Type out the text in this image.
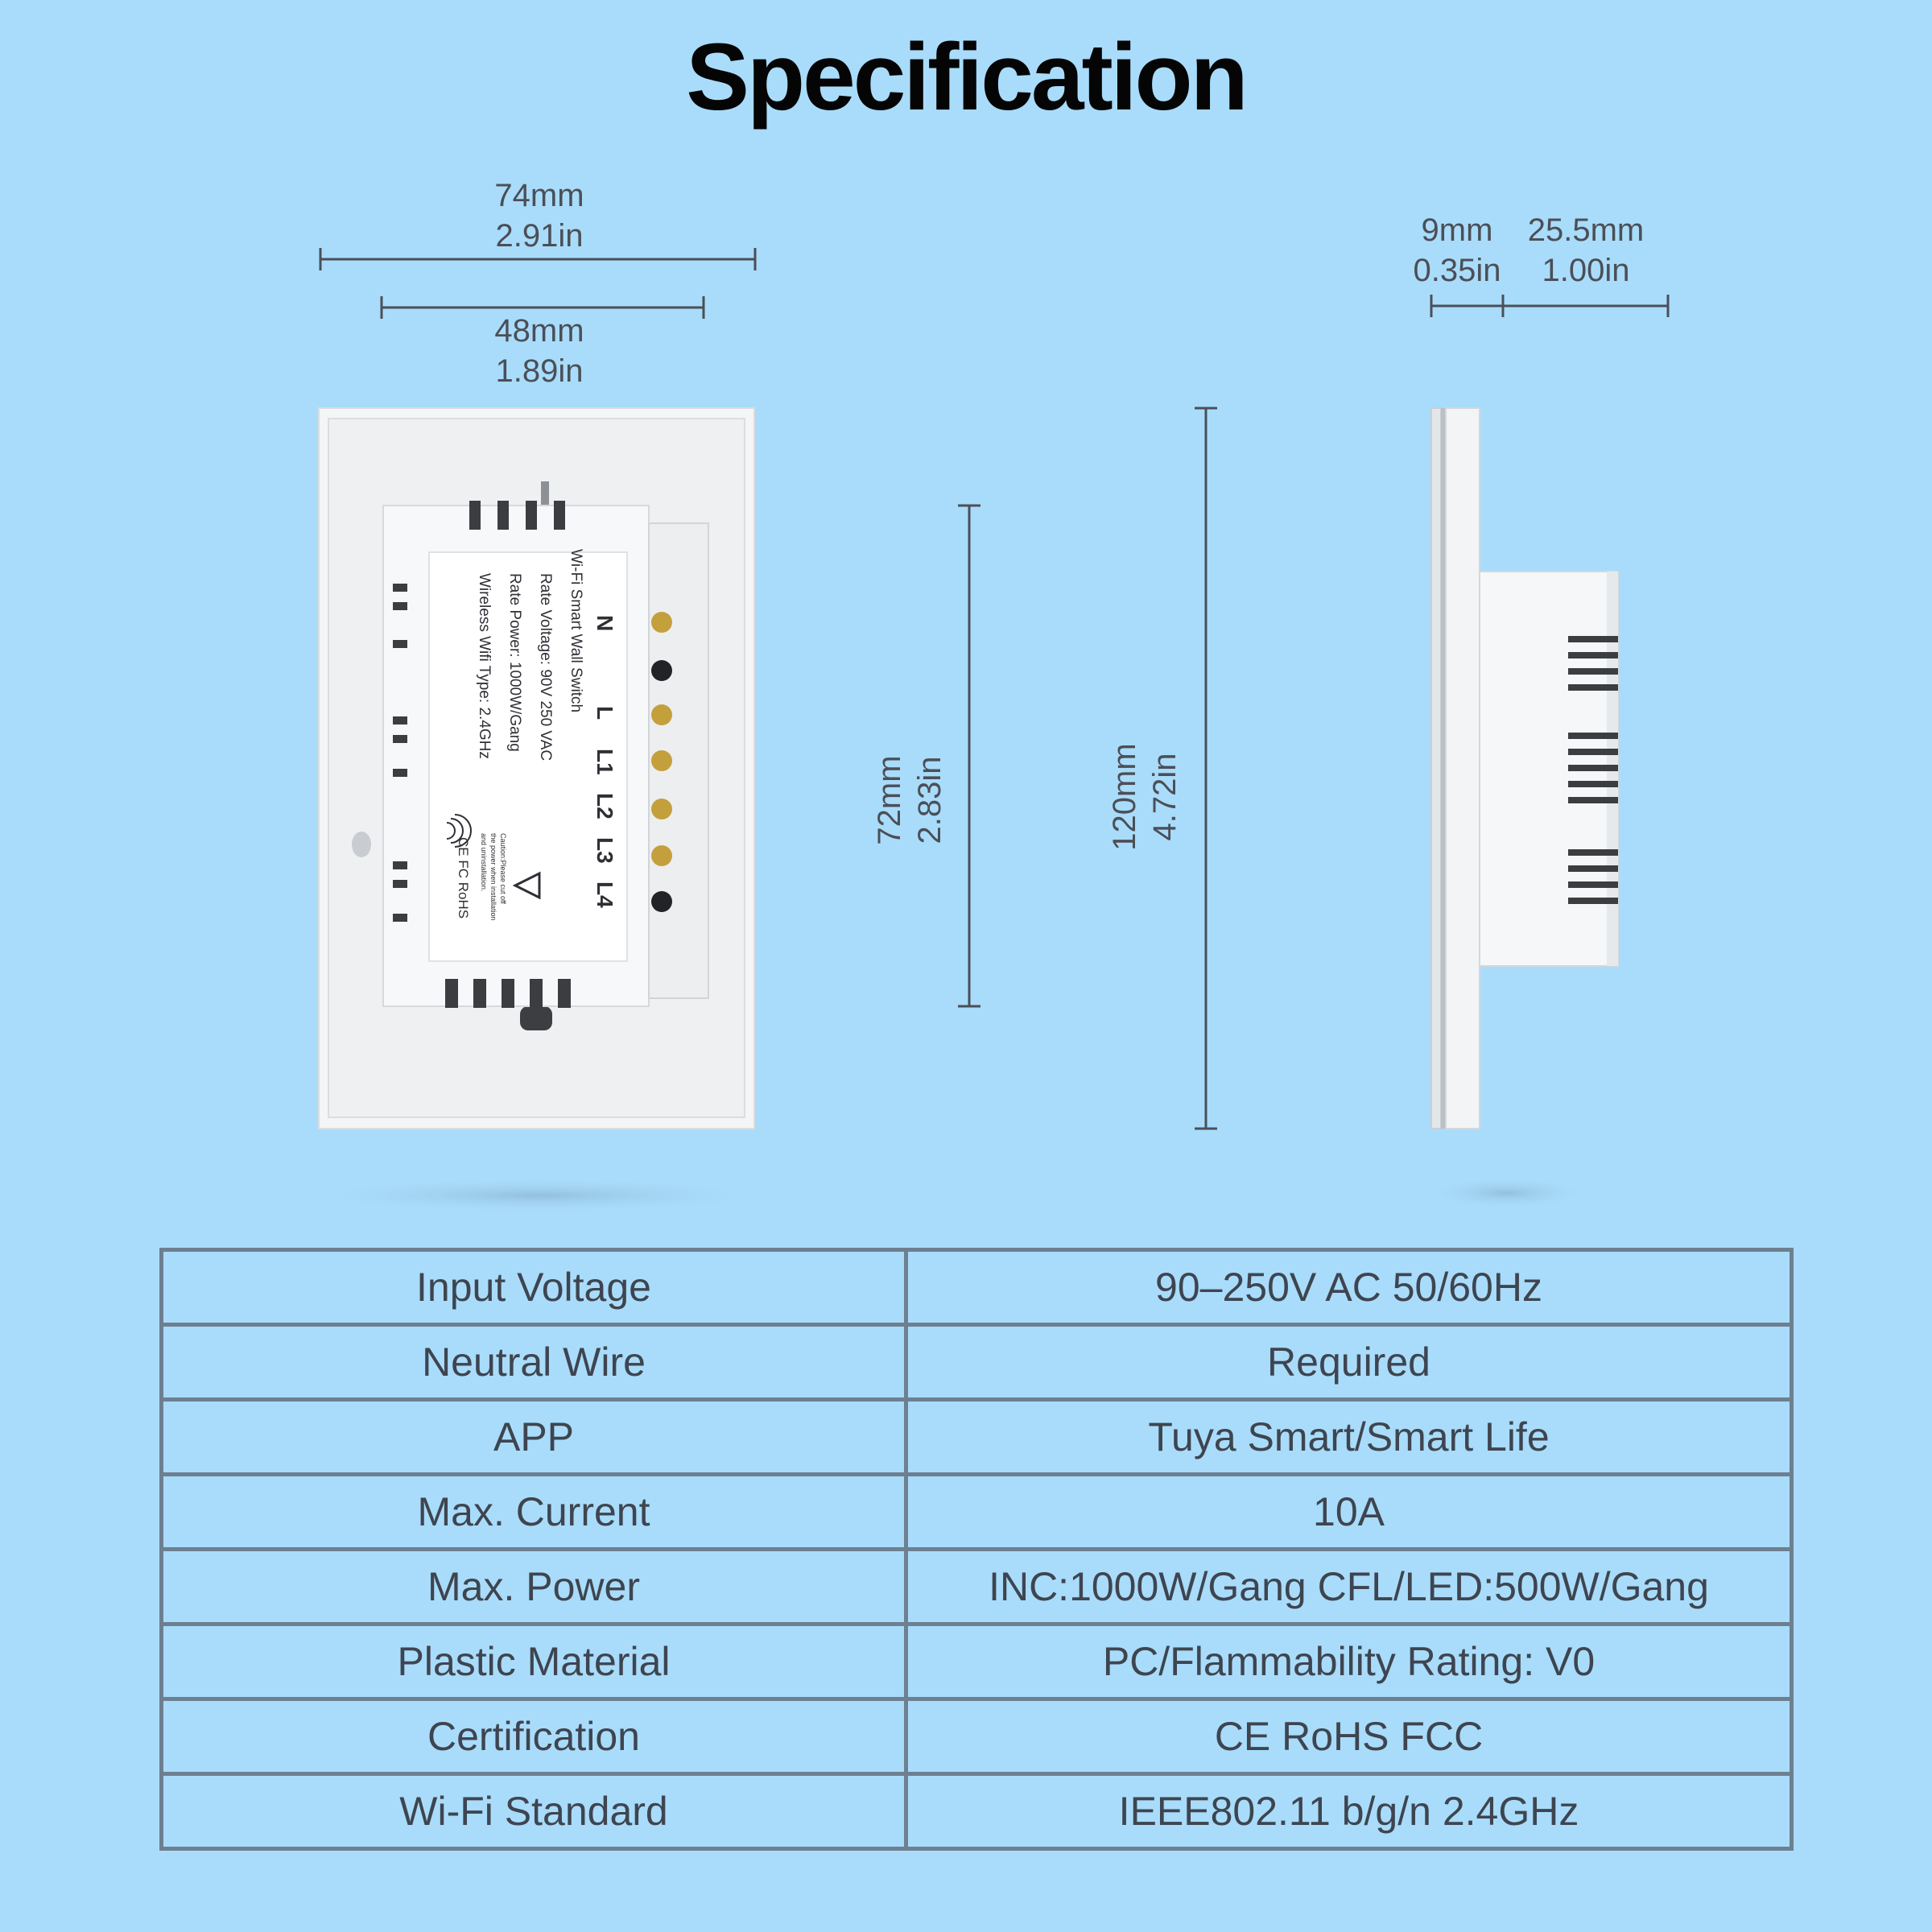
Specification
74mm
2.91in
48mm
1.89in
9mm
0.35in
25.5mm
1.00in
72mm 2.83in	120mm 4.72in
Wi-Fi Smart Wall Switch
Rate Voltage: 90V 250 VAC
Rate Power: 1000W/Gang
Wireless Wifi Type: 2.4GHz	N
L
L1
L2
L3
L4
Caution:Please cut off
the power when installation
and uninstallation.
CE FC RoHS
Input Voltage	90–250V AC 50/60Hz
Neutral Wire	Required
APP	Tuya Smart/Smart Life
Max. Current	10A
Max. Power	INC:1000W/Gang CFL/LED:500W/Gang
Plastic Material	PC/Flammability Rating: V0
Certification	CE RoHS FCC
Wi-Fi Standard	IEEE802.11 b/g/n 2.4GHz
